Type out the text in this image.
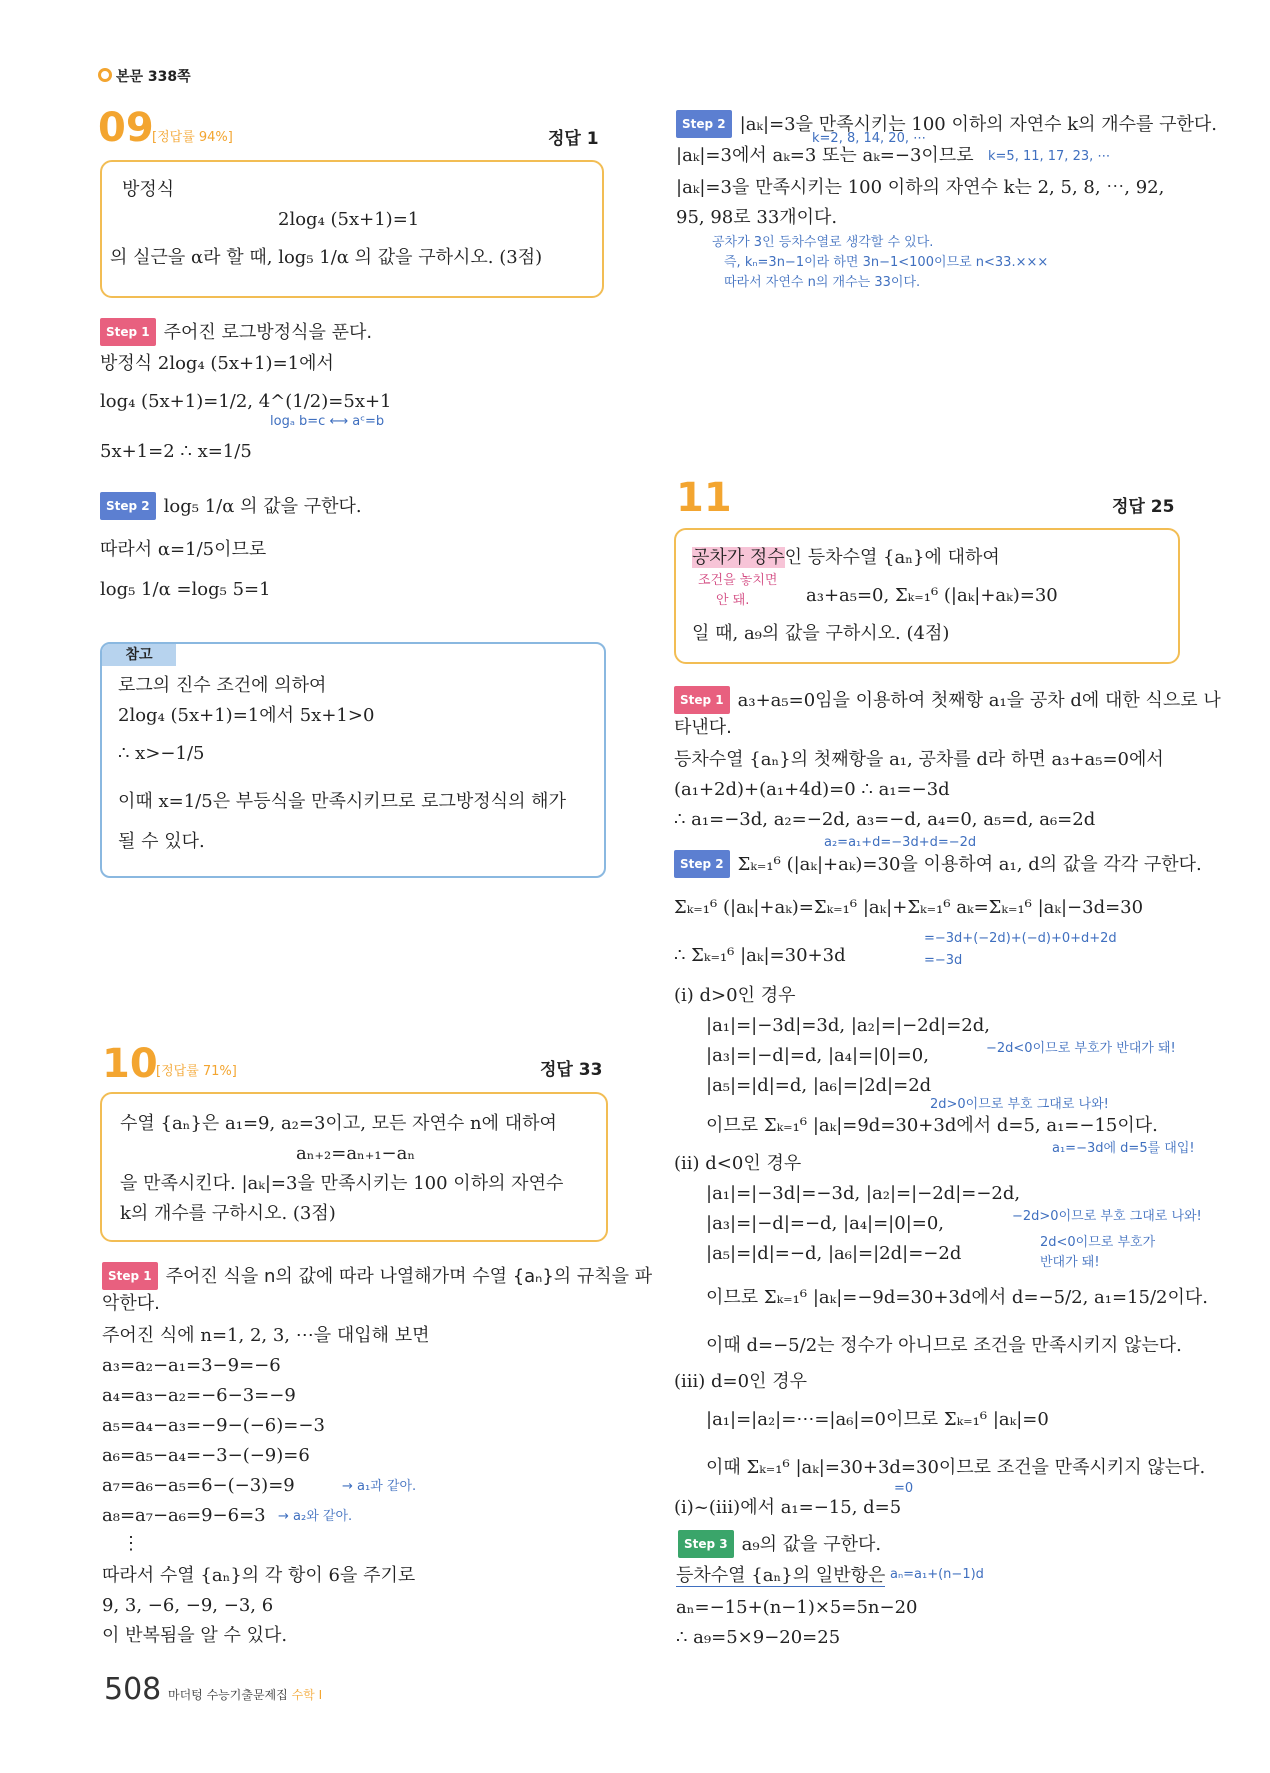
본문 338쪽
09
[정답률 94%]	정답 1
방정식
2log₄ (5x+1)=1
의 실근을 α라 할 때, log₅ 1/α 의 값을 구하시오. (3점)
Step 1 주어진 로그방정식을 푼다.
방정식 2log₄ (5x+1)=1에서
log₄ (5x+1)=1/2, 4^(1/2)=5x+1
logₐ b=c ⟷ aᶜ=b
5x+1=2 ∴ x=1/5
Step 2 log₅ 1/α 의 값을 구한다.
따라서 α=1/5이므로
log₅ 1/α =log₅ 5=1
참고
로그의 진수 조건에 의하여
2log₄ (5x+1)=1에서 5x+1>0
∴ x>−1/5
이때 x=1/5은 부등식을 만족시키므로 로그방정식의 해가
될 수 있다.
10
[정답률 71%]	정답 33
수열 {aₙ}은 a₁=9, a₂=3이고, 모든 자연수 n에 대하여
aₙ₊₂=aₙ₊₁−aₙ
을 만족시킨다. |aₖ|=3을 만족시키는 100 이하의 자연수
k의 개수를 구하시오. (3점)
Step 1 주어진 식을 n의 값에 따라 나열해가며 수열 {aₙ}의 규칙을 파
악한다.
주어진 식에 n=1, 2, 3, ⋯을 대입해 보면
a₃=a₂−a₁=3−9=−6
a₄=a₃−a₂=−6−3=−9
a₅=a₄−a₃=−9−(−6)=−3
a₆=a₅−a₄=−3−(−9)=6
a₇=a₆−a₅=6−(−3)=9	→ a₁과 같아.
a₈=a₇−a₆=9−6=3 → a₂와 같아.
⋮
따라서 수열 {aₙ}의 각 항이 6을 주기로
9, 3, −6, −9, −3, 6
이 반복됨을 알 수 있다.
Step 2 |aₖ|=3을 만족시키는 100 이하의 자연수 k의 개수를 구한다.
k=2, 8, 14, 20, ⋯
|aₖ|=3에서 aₖ=3 또는 aₖ=−3이므로 k=5, 11, 17, 23, ⋯
|aₖ|=3을 만족시키는 100 이하의 자연수 k는 2, 5, 8, ⋯, 92,
95, 98로 33개이다.
공차가 3인 등차수열로 생각할 수 있다.
즉, kₙ=3n−1이라 하면 3n−1<100이므로 n<33.×××
따라서 자연수 n의 개수는 33이다.
11	정답 25
공차가 정수인 등차수열 {aₙ}에 대하여
조건을 놓치면
안 돼.	a₃+a₅=0, Σₖ₌₁⁶ (|aₖ|+aₖ)=30
일 때, a₉의 값을 구하시오. (4점)
Step 1 a₃+a₅=0임을 이용하여 첫째항 a₁을 공차 d에 대한 식으로 나
타낸다.
등차수열 {aₙ}의 첫째항을 a₁, 공차를 d라 하면 a₃+a₅=0에서
(a₁+2d)+(a₁+4d)=0 ∴ a₁=−3d
∴ a₁=−3d, a₂=−2d, a₃=−d, a₄=0, a₅=d, a₆=2d
a₂=a₁+d=−3d+d=−2d
Step 2 Σₖ₌₁⁶ (|aₖ|+aₖ)=30을 이용하여 a₁, d의 값을 각각 구한다.
Σₖ₌₁⁶ (|aₖ|+aₖ)=Σₖ₌₁⁶ |aₖ|+Σₖ₌₁⁶ aₖ=Σₖ₌₁⁶ |aₖ|−3d=30
=−3d+(−2d)+(−d)+0+d+2d
=−3d
∴ Σₖ₌₁⁶ |aₖ|=30+3d
(i) d>0인 경우
|a₁|=|−3d|=3d, |a₂|=|−2d|=2d,
|a₃|=|−d|=d, |a₄|=|0|=0,	−2d<0이므로 부호가 반대가 돼!
|a₅|=|d|=d, |a₆|=|2d|=2d
2d>0이므로 부호 그대로 나와!
이므로 Σₖ₌₁⁶ |aₖ|=9d=30+3d에서 d=5, a₁=−15이다.
a₁=−3d에 d=5를 대입!
(ii) d<0인 경우
|a₁|=|−3d|=−3d, |a₂|=|−2d|=−2d,
|a₃|=|−d|=−d, |a₄|=|0|=0,	−2d>0이므로 부호 그대로 나와!
2d<0이므로 부호가
반대가 돼!
|a₅|=|d|=−d, |a₆|=|2d|=−2d
이므로 Σₖ₌₁⁶ |aₖ|=−9d=30+3d에서 d=−5/2, a₁=15/2이다.
이때 d=−5/2는 정수가 아니므로 조건을 만족시키지 않는다.
(iii) d=0인 경우
|a₁|=|a₂|=⋯=|a₆|=0이므로 Σₖ₌₁⁶ |aₖ|=0
이때 Σₖ₌₁⁶ |aₖ|=30+3d=30이므로 조건을 만족시키지 않는다.
=0
(i)~(iii)에서 a₁=−15, d=5
Step 3 a₉의 값을 구한다.
등차수열 {aₙ}의 일반항은 aₙ=a₁+(n−1)d
aₙ=−15+(n−1)×5=5n−20
∴ a₉=5×9−20=25
508 마더텅 수능기출문제집 수학 I
